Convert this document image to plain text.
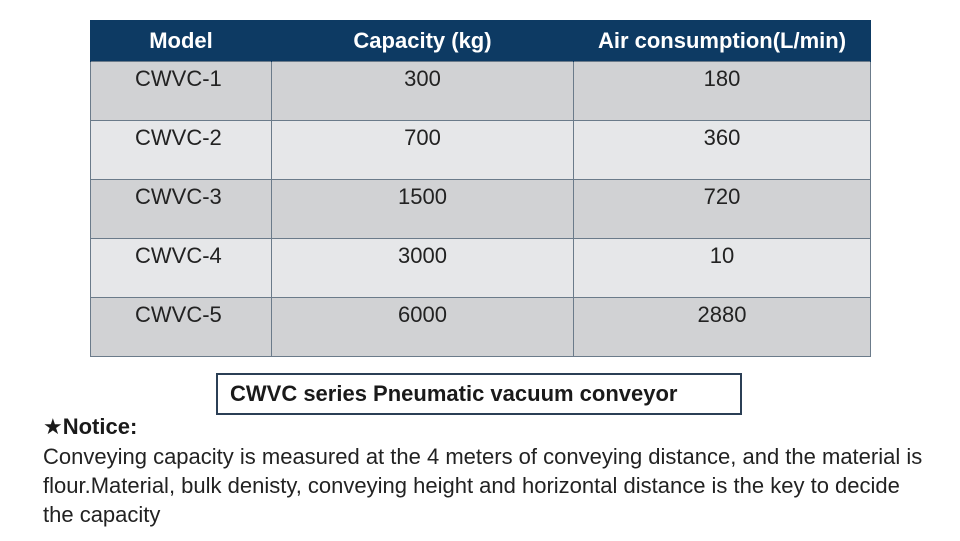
Model	Capacity (kg)	Air consumption(L/min)
CWVC-1	300	180
CWVC-2	700	360
CWVC-3	1500	720
CWVC-4	3000	10
CWVC-5	6000	2880
CWVC series Pneumatic vacuum conveyor
★Notice:
Conveying capacity is measured at the 4 meters of conveying distance, and the material is flour.Material, bulk denisty, conveying height and horizontal distance is the key to decide the capacity
